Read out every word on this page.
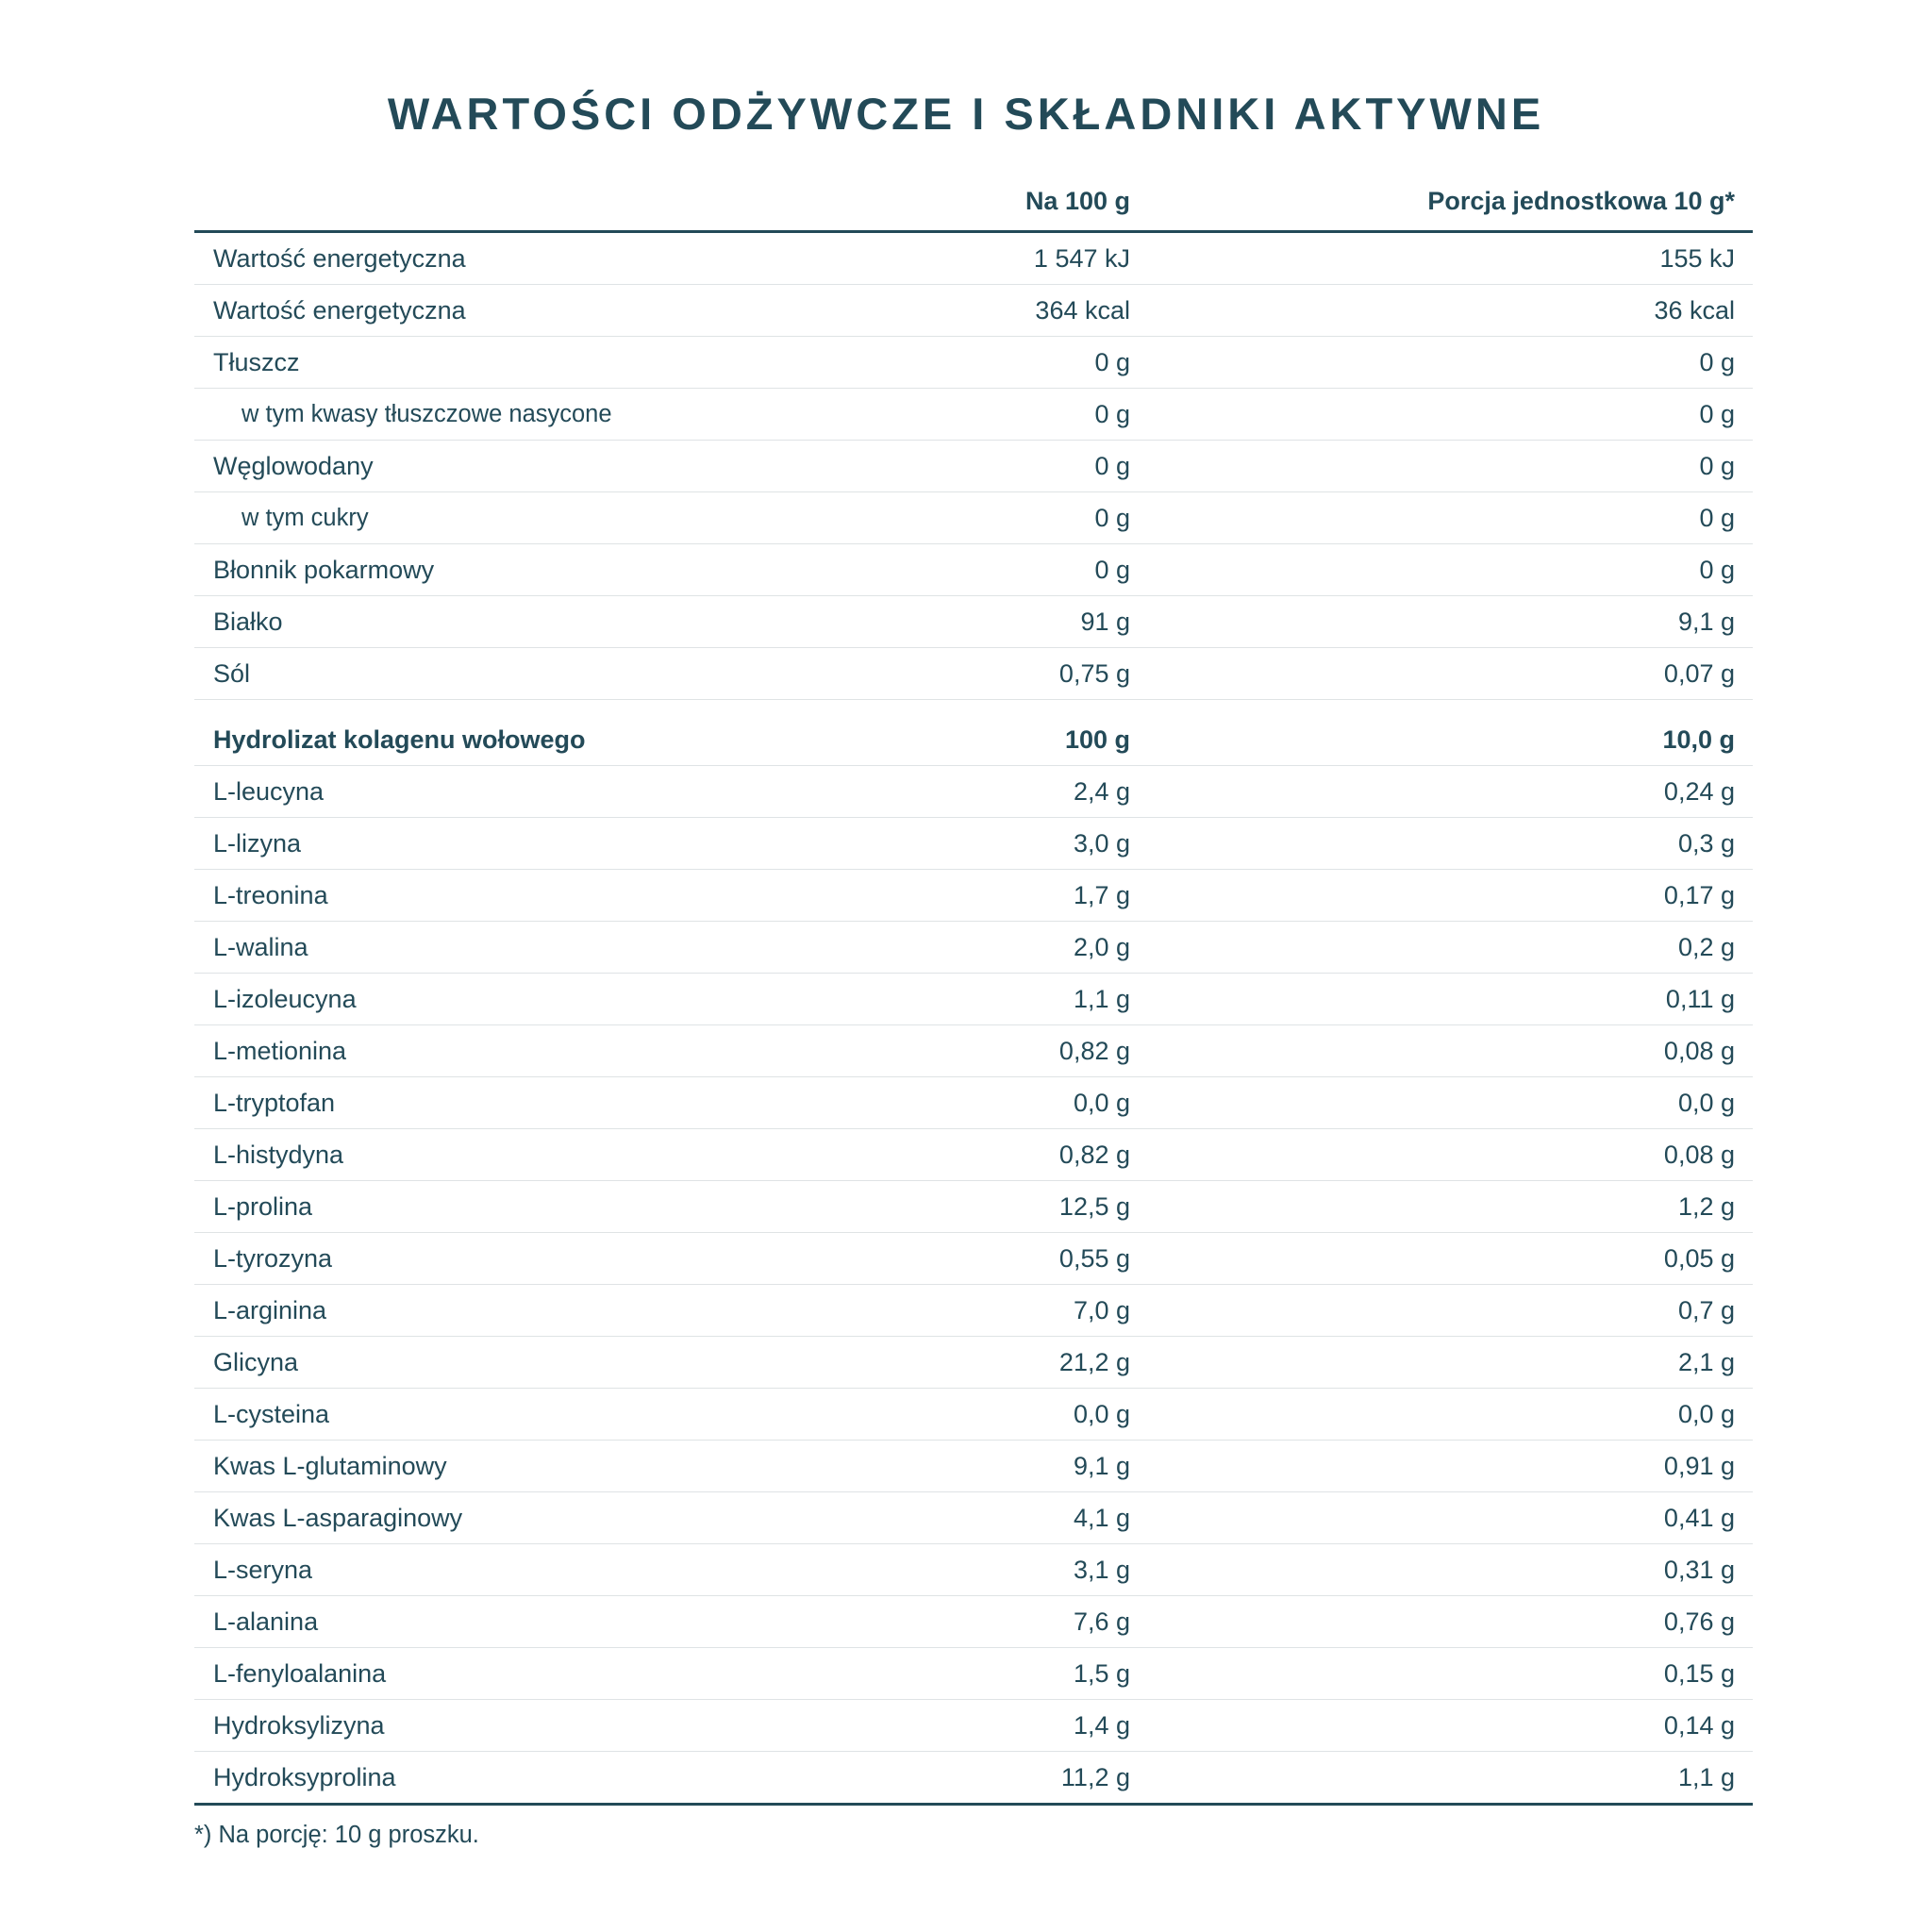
WARTOŚCI ODŻYWCZE I SKŁADNIKI AKTYWNE
Na 100 g	Porcja jednostkowa 10 g*
Wartość energetyczna	1 547 kJ	155 kJ
Wartość energetyczna	364 kcal	36 kcal
Tłuszcz	0 g	0 g
w tym kwasy tłuszczowe nasycone	0 g	0 g
Węglowodany	0 g	0 g
w tym cukry	0 g	0 g
Błonnik pokarmowy	0 g	0 g
Białko	91 g	9,1 g
Sól	0,75 g	0,07 g
Hydrolizat kolagenu wołowego	100 g	10,0 g
L-leucyna	2,4 g	0,24 g
L-lizyna	3,0 g	0,3 g
L-treonina	1,7 g	0,17 g
L-walina	2,0 g	0,2 g
L-izoleucyna	1,1 g	0,11 g
L-metionina	0,82 g	0,08 g
L-tryptofan	0,0 g	0,0 g
L-histydyna	0,82 g	0,08 g
L-prolina	12,5 g	1,2 g
L-tyrozyna	0,55 g	0,05 g
L-arginina	7,0 g	0,7 g
Glicyna	21,2 g	2,1 g
L-cysteina	0,0 g	0,0 g
Kwas L-glutaminowy	9,1 g	0,91 g
Kwas L-asparaginowy	4,1 g	0,41 g
L-seryna	3,1 g	0,31 g
L-alanina	7,6 g	0,76 g
L-fenyloalanina	1,5 g	0,15 g
Hydroksylizyna	1,4 g	0,14 g
Hydroksyprolina	11,2 g	1,1 g
*) Na porcję: 10 g proszku.
